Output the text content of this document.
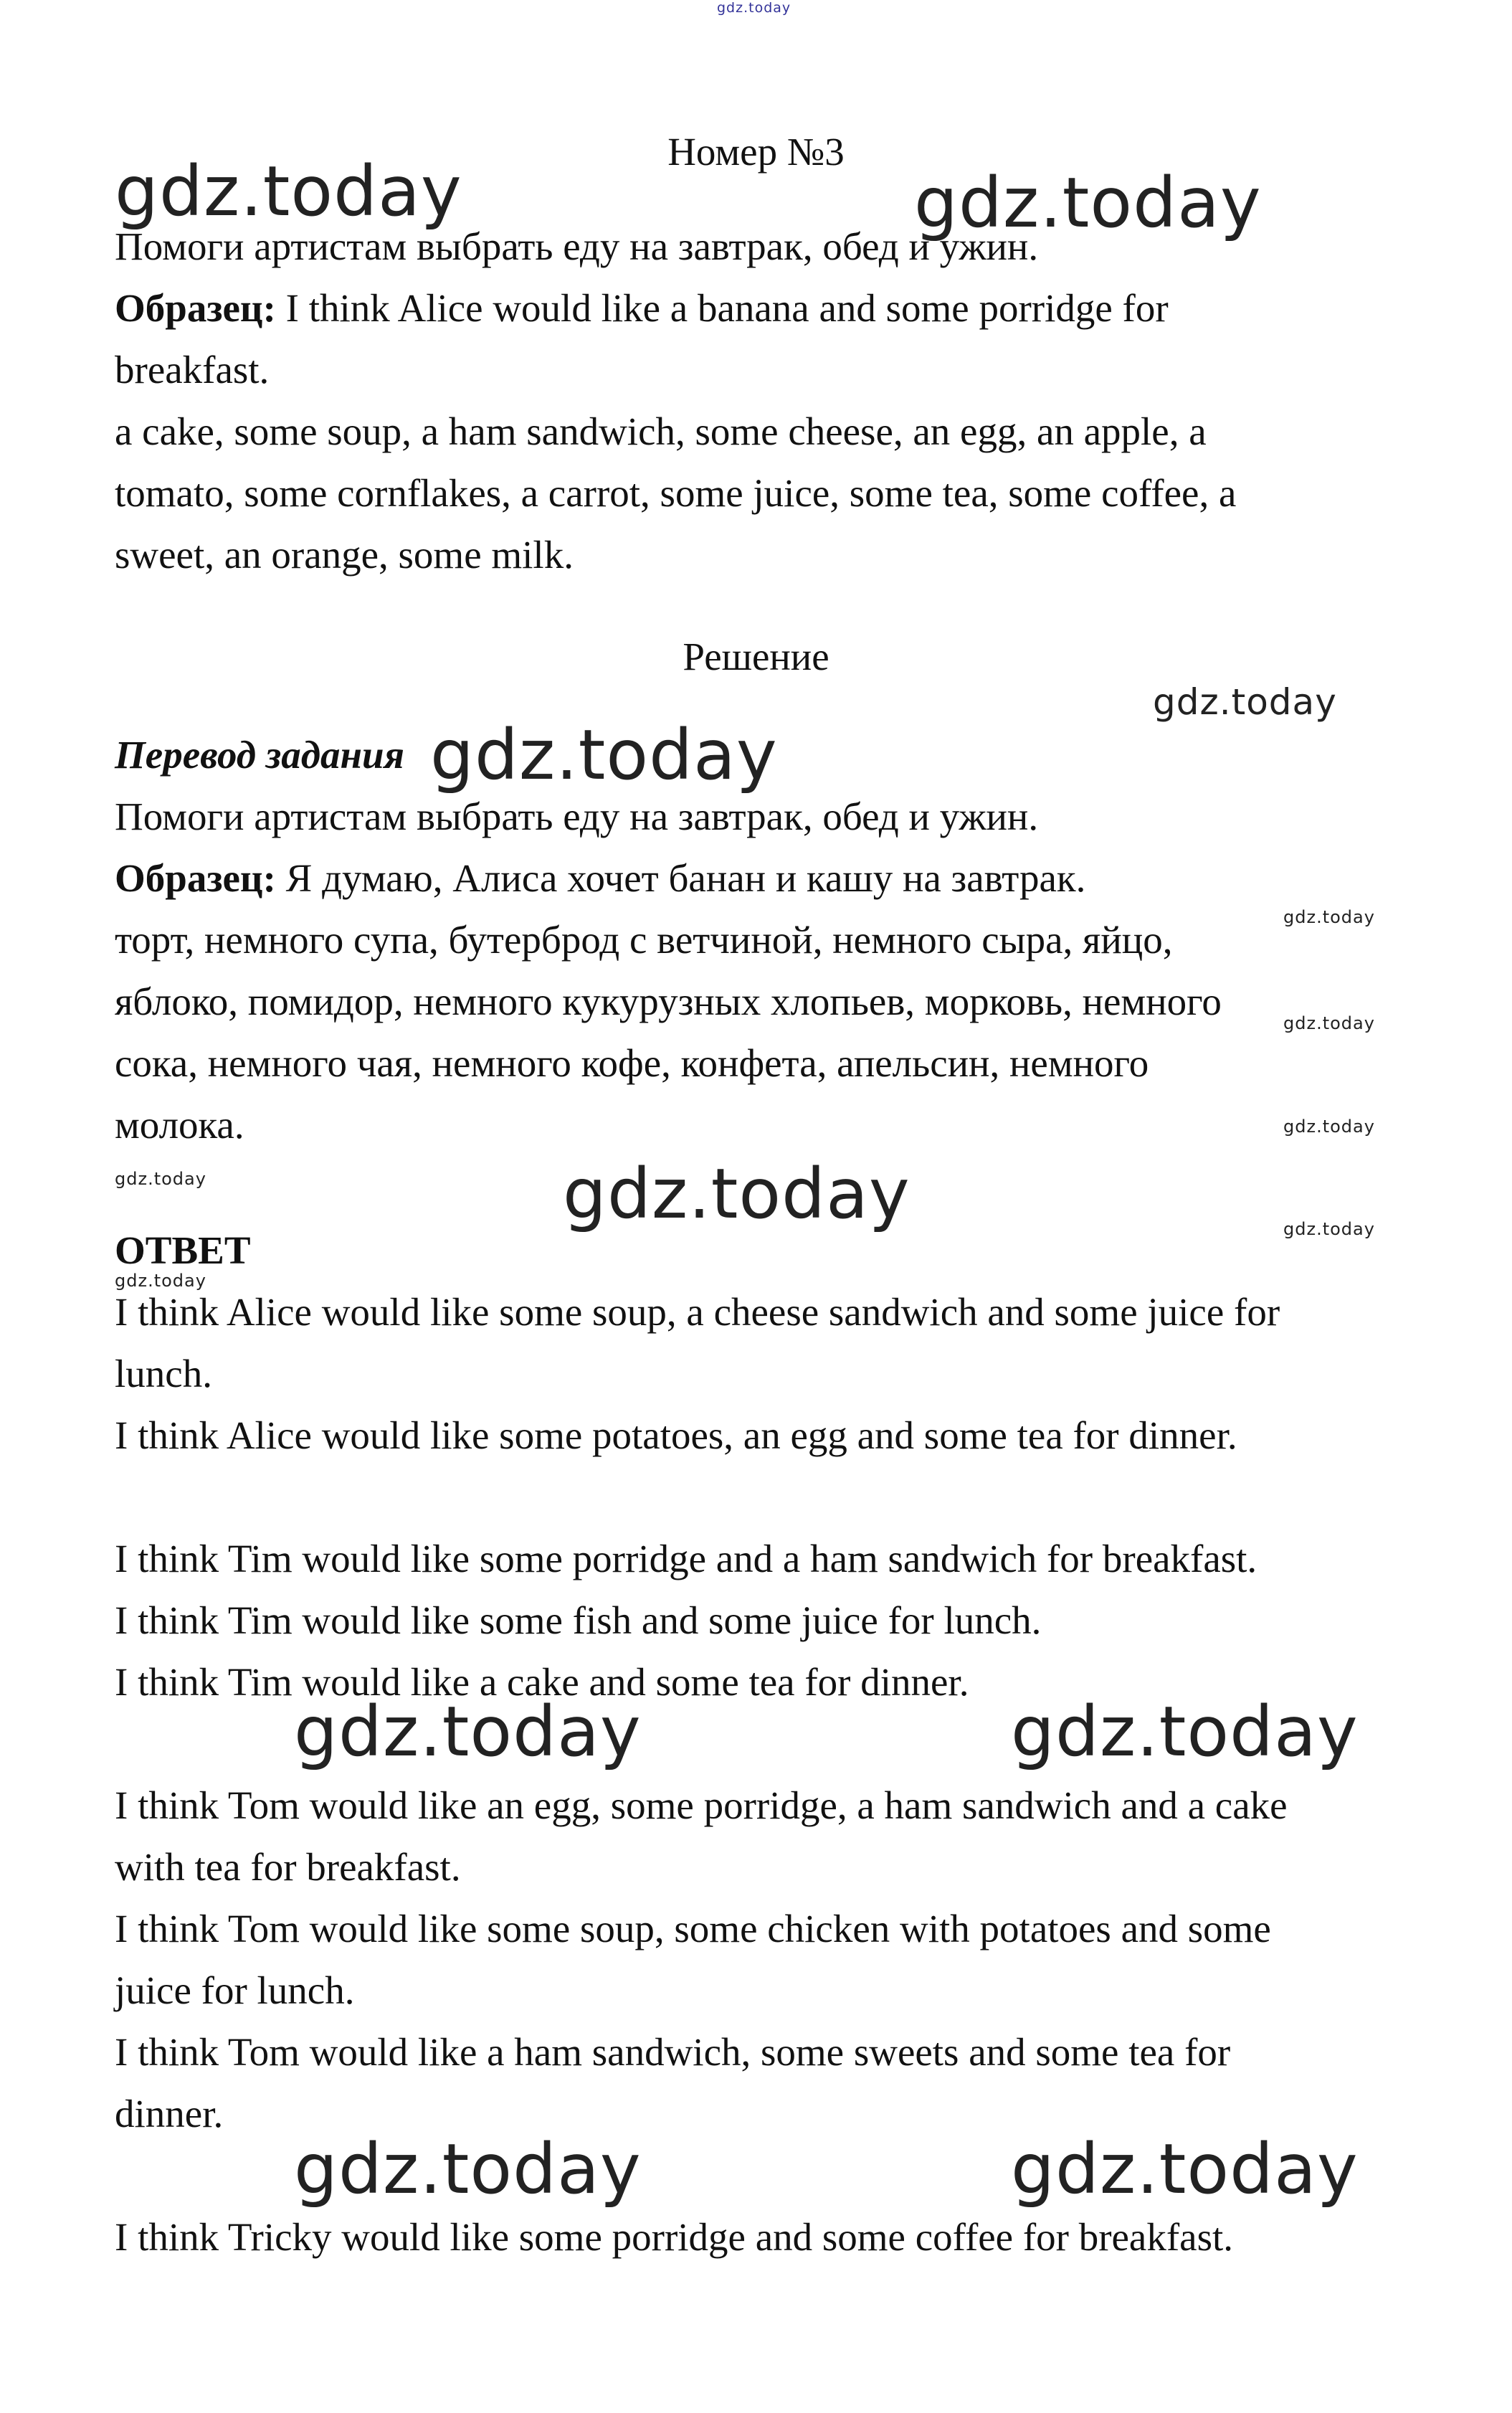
gdz.today
Номер №3
gdz.today	gdz.today
Помоги артистам выбрать еду на завтрак, обед и ужин.
Образец: I think Alice would like a banana and some porridge for
breakfast.
a cake, some soup, a ham sandwich, some cheese, an egg, an apple, a
tomato, some cornflakes, a carrot, some juice, some tea, some coffee, a
sweet, an orange, some milk.
Решение
gdz.today
Перевод задания gdz.today
Помоги артистам выбрать еду на завтрак, обед и ужин.
Образец: Я думаю, Алиса хочет банан и кашу на завтрак.
торт, немного супа, бутерброд с ветчиной, немного сыра, яйцо,
яблоко, помидор, немного кукурузных хлопьев, морковь, немного
сока, немного чая, немного кофе, конфета, апельсин, немного
молока.
gdz.today
gdz.today
gdz.today
gdz.today
gdz.today
gdz.today
gdz.today
ОТВЕТ
I think Alice would like some soup, a cheese sandwich and some juice for
lunch.
I think Alice would like some potatoes, an egg and some tea for dinner.
I think Tim would like some porridge and a ham sandwich for breakfast.
I think Tim would like some fish and some juice for lunch.
I think Tim would like a cake and some tea for dinner.
gdz.today	gdz.today
I think Tom would like an egg, some porridge, a ham sandwich and a cake
with tea for breakfast.
I think Tom would like some soup, some chicken with potatoes and some
juice for lunch.
I think Tom would like a ham sandwich, some sweets and some tea for
dinner.
gdz.today	gdz.today
I think Tricky would like some porridge and some coffee for breakfast.
